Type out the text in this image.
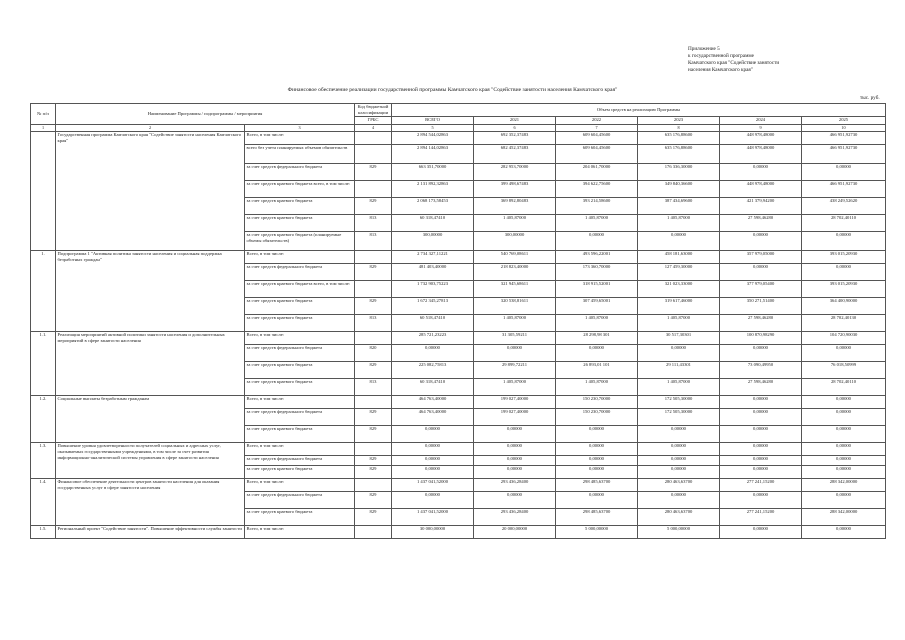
Приложение 5
к государственной программе
Камчатского края "Содействие занятости
населения Камчатского края"
Финансовое обеспечение реализации государственной программы Камчатского края "Содействие занятости населения Камчатского края"
тыс. руб.
№ п/п	Наименование Программы / подпрограммы / мероприятия		Код бюджетной классификации	Объем средств на реализацию Программы					

			ГРБС	ВСЕГО	2021	2022	2023	2024	2025
1	2	3	4	5	6	7	8	9	10
	Государственная программа Камчатского края "Содействие занятости населения Камчатского края"	Всего, в том числе:		2 894 544,02863	692 352,37483	609 604,45600	635 176,88600	448 978,48000	466 951,92730
		всего без учета планируемых объемов обязательств		2 894 144,02863	682 452,37483	609 604,45600	635 176,88600	448 978,48000	466 951,92730
		за счет средств федерального бюджета	829	663 351,70000	282 953,70000	204 061,70000	176 336,30000	0,00000	0,00000
		за счет средств краевого бюджета всего, в том числе:		2 131 892,32863	399 498,67483	394 622,75600	349 840,36600	448 978,48000	466 951,92730
		за счет средств краевого бюджета	829	2 068 173,58453	369 892,80483	393 214,58600	387 434,69600	421 379,94200	438 249,52620
		за счет средств краевого бюджета	813	60 318,47410	1 405,87000	1 405,87000	1 405,87000	27 598,46280	28 702,40110
		за счет средств краевого бюджета (планируемые объемы обязательств)	813	300,00000	300,00000	0,00000	0,00000	0,00000	0,00000
1.	Подпрограмма 1 "Активная политика занятости населения и социальная поддержка безработных граждан"	Всего, в том числе:		2 734 327,11221	540 769,08611	493 596,22001	458 181,63000	357 979,05000	393 015,20930
		за счет средств федерального бюджета	829	481 403,40000	218 823,40000	173 360,70000	127 459,30000	0,00000	0,00000
		за счет средств краевого бюджета всего, в том числе:		1 732 903,75223	321 945,68611	318 915,52001	321 023,33000	377 979,05400	393 015,20930
		за счет средств краевого бюджета	829	1 672 345,27813	320 538,81611	307 459,65001	319 617,46000	350 271,51400	364 400,90000
		за счет средств краевого бюджета	813	60 518,47410	1 405,87000	1 405,87000	1 405,87000	27 598,46280	28 702,40130
1.1.	Реализация мероприятий активной политики занятости населения и дополнительных мероприятий в сфере занятости населения	Всего, в том числе:		285 721,23223	31 305,59211	28 298,98 301	30 517,30301	100 870,98290	104 720,90030
		за счет средств федерального бюджета	820	0,00000	0,00000	0,00000	0,00000	0,00000	0,00000
		за счет средств краевого бюджета	829	225 082,75813	29 899,72211	26 893,01 101	29 111,43301	73 090,49950	76 018,50999
		за счет средств краевого бюджета	813	60 318,47410	1 405,87000	1 405,87000	1 405,87000	27 598,46280	28 702,40110
1.2.	Социальные выплаты безработным гражданам	Всего, в том числе:		464 763,40000	199 027,40000	150 230,70000	172 505,30000	0,00000	0,00000
		за счет средств федерального бюджета	829	464 763,40000	199 027,40000	150 230,70000	172 505,30000	0,00000	0,00000
		за счет средств краевого бюджета	829	0,00000	0,00000	0,00000	0,00000	0,00000	0,00000
1.3.	Повышение уровня удовлетворенности получателей социальных и адресных услуг, оказываемых государственными учреждениями, в том числе за счет развития информационно-аналитической системы управления в сфере занятости населения	Всего, в том числе:		0,00000	0,00000	0,00000	0,00000	0,00000	0,00000
		за счет средств федерального бюджета	829	0,00000	0,00000	0,00000	0,00000	0,00000	0,00000
		за счет средств краевого бюджета	829	0,00000	0,00000	0,00000	0,00000	0,00000	0,00000
1.4.	Финансовое обеспечение деятельности центров занятости населения для оказания государственных услуг в сфере занятости населения	Всего, в том числе:		1 437 041,52000	293 436,28400	298 485,63700	280 463,63700	277 241,15200	288 342,00000
		за счет средств федерального бюджета	829	0,00000	0,00000	0,00000	0,00000	0,00000	0,00000
		за счет средств краевого бюджета	829	1 437 041,52000	293 436,28400	298 485,63700	280 463,63700	277 241,15200	288 342,00000
1.5.	Региональный проект "Содействие занятости". Повышение эффективности службы занятости	Всего, в том числе:		30 000,00000	20 000,00000	5 000,00000	5 000,00000	0,00000	0,00000
